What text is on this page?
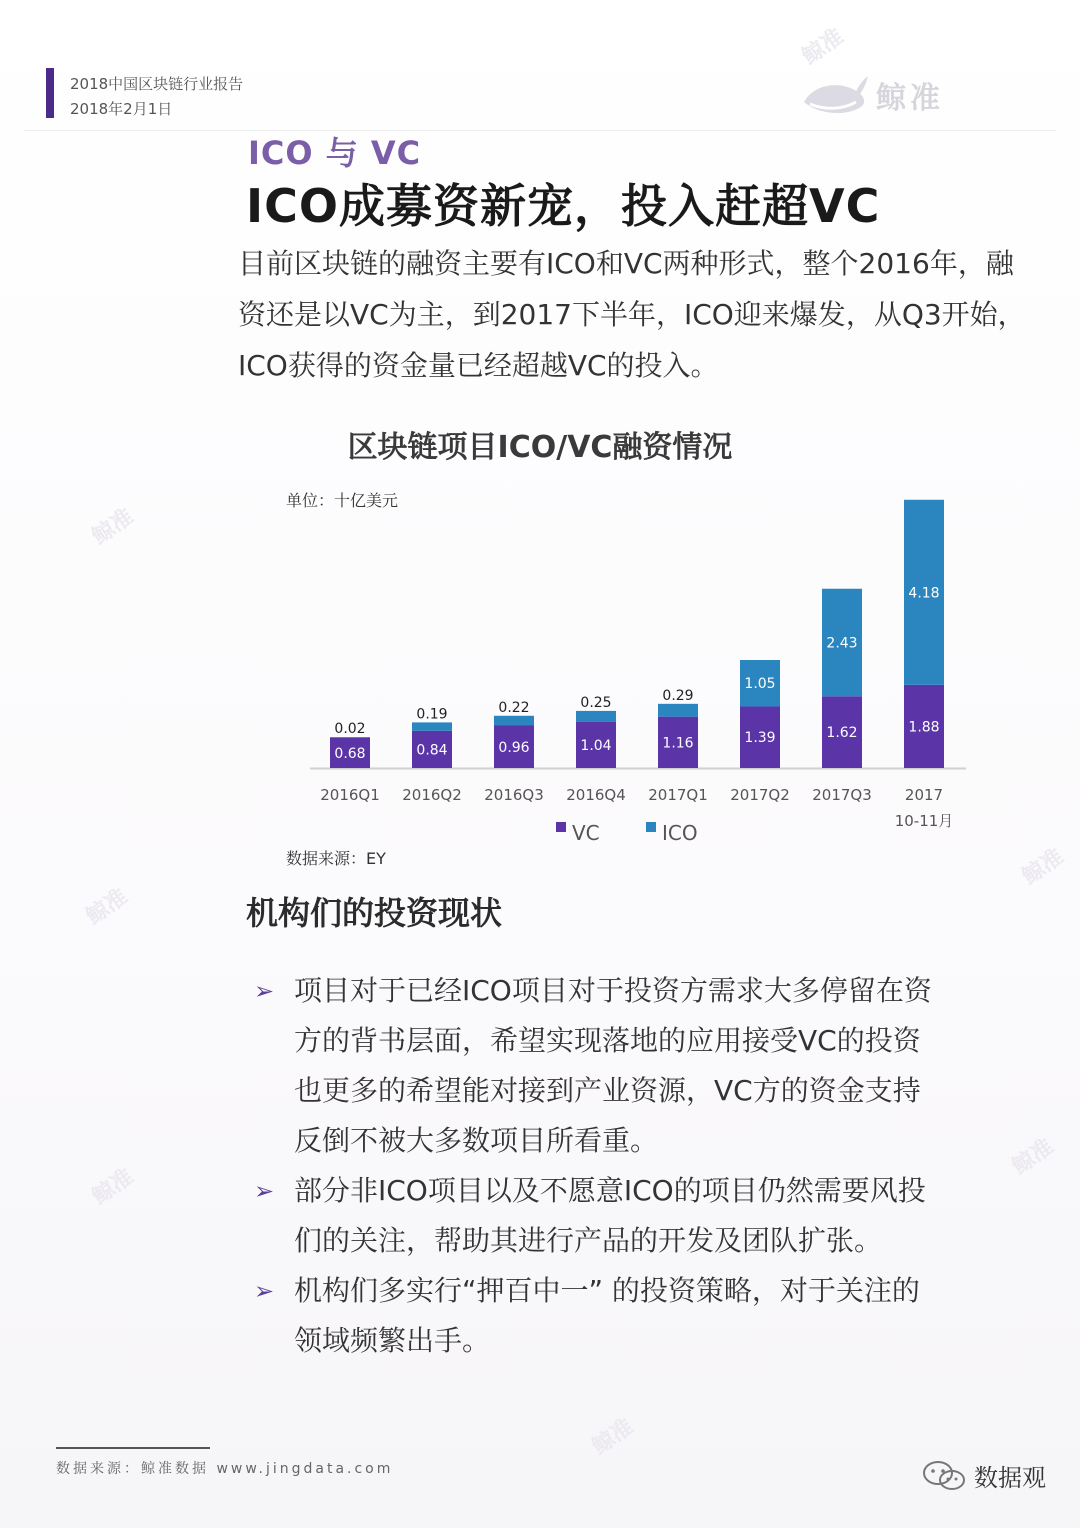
鲸准
鲸准
鲸准
鲸准
鲸准
鲸准
鲸准
2018中国区块链行业报告
2018年2月1日	鲸准
ICO 与 VC
ICO成募资新宠，投入赶超VC
目前区块链的融资主要有ICO和VC两种形式，整个2016年，融资还是以VC为主，到2017下半年，ICO迎来爆发，从Q3开始，ICO获得的资金量已经超越VC的投入。
区块链项目ICO/VC融资情况
单位：十亿美元
0.68
0.02
2016Q1
0.84
0.19
2016Q2
0.96
0.22
2016Q3
1.04
0.25
2016Q4
1.16
0.29
2017Q1
1.39
1.05
2017Q2
1.62
2.43
2017Q3
1.88
4.18
2017
10-11月
VC	ICO
数据来源：EY
机构们的投资现状
➢ 项目对于已经ICO项目对于投资方需求大多停留在资方的背书层面，希望实现落地的应用接受VC的投资也更多的希望能对接到产业资源，VC方的资金支持反倒不被大多数项目所看重。
➢ 部分非ICO项目以及不愿意ICO的项目仍然需要风投们的关注，帮助其进行产品的开发及团队扩张。
➢ 机构们多实行“押百中一” 的投资策略，对于关注的领域频繁出手。
数据来源：鲸准数据 www.jingdata.com	数据观
